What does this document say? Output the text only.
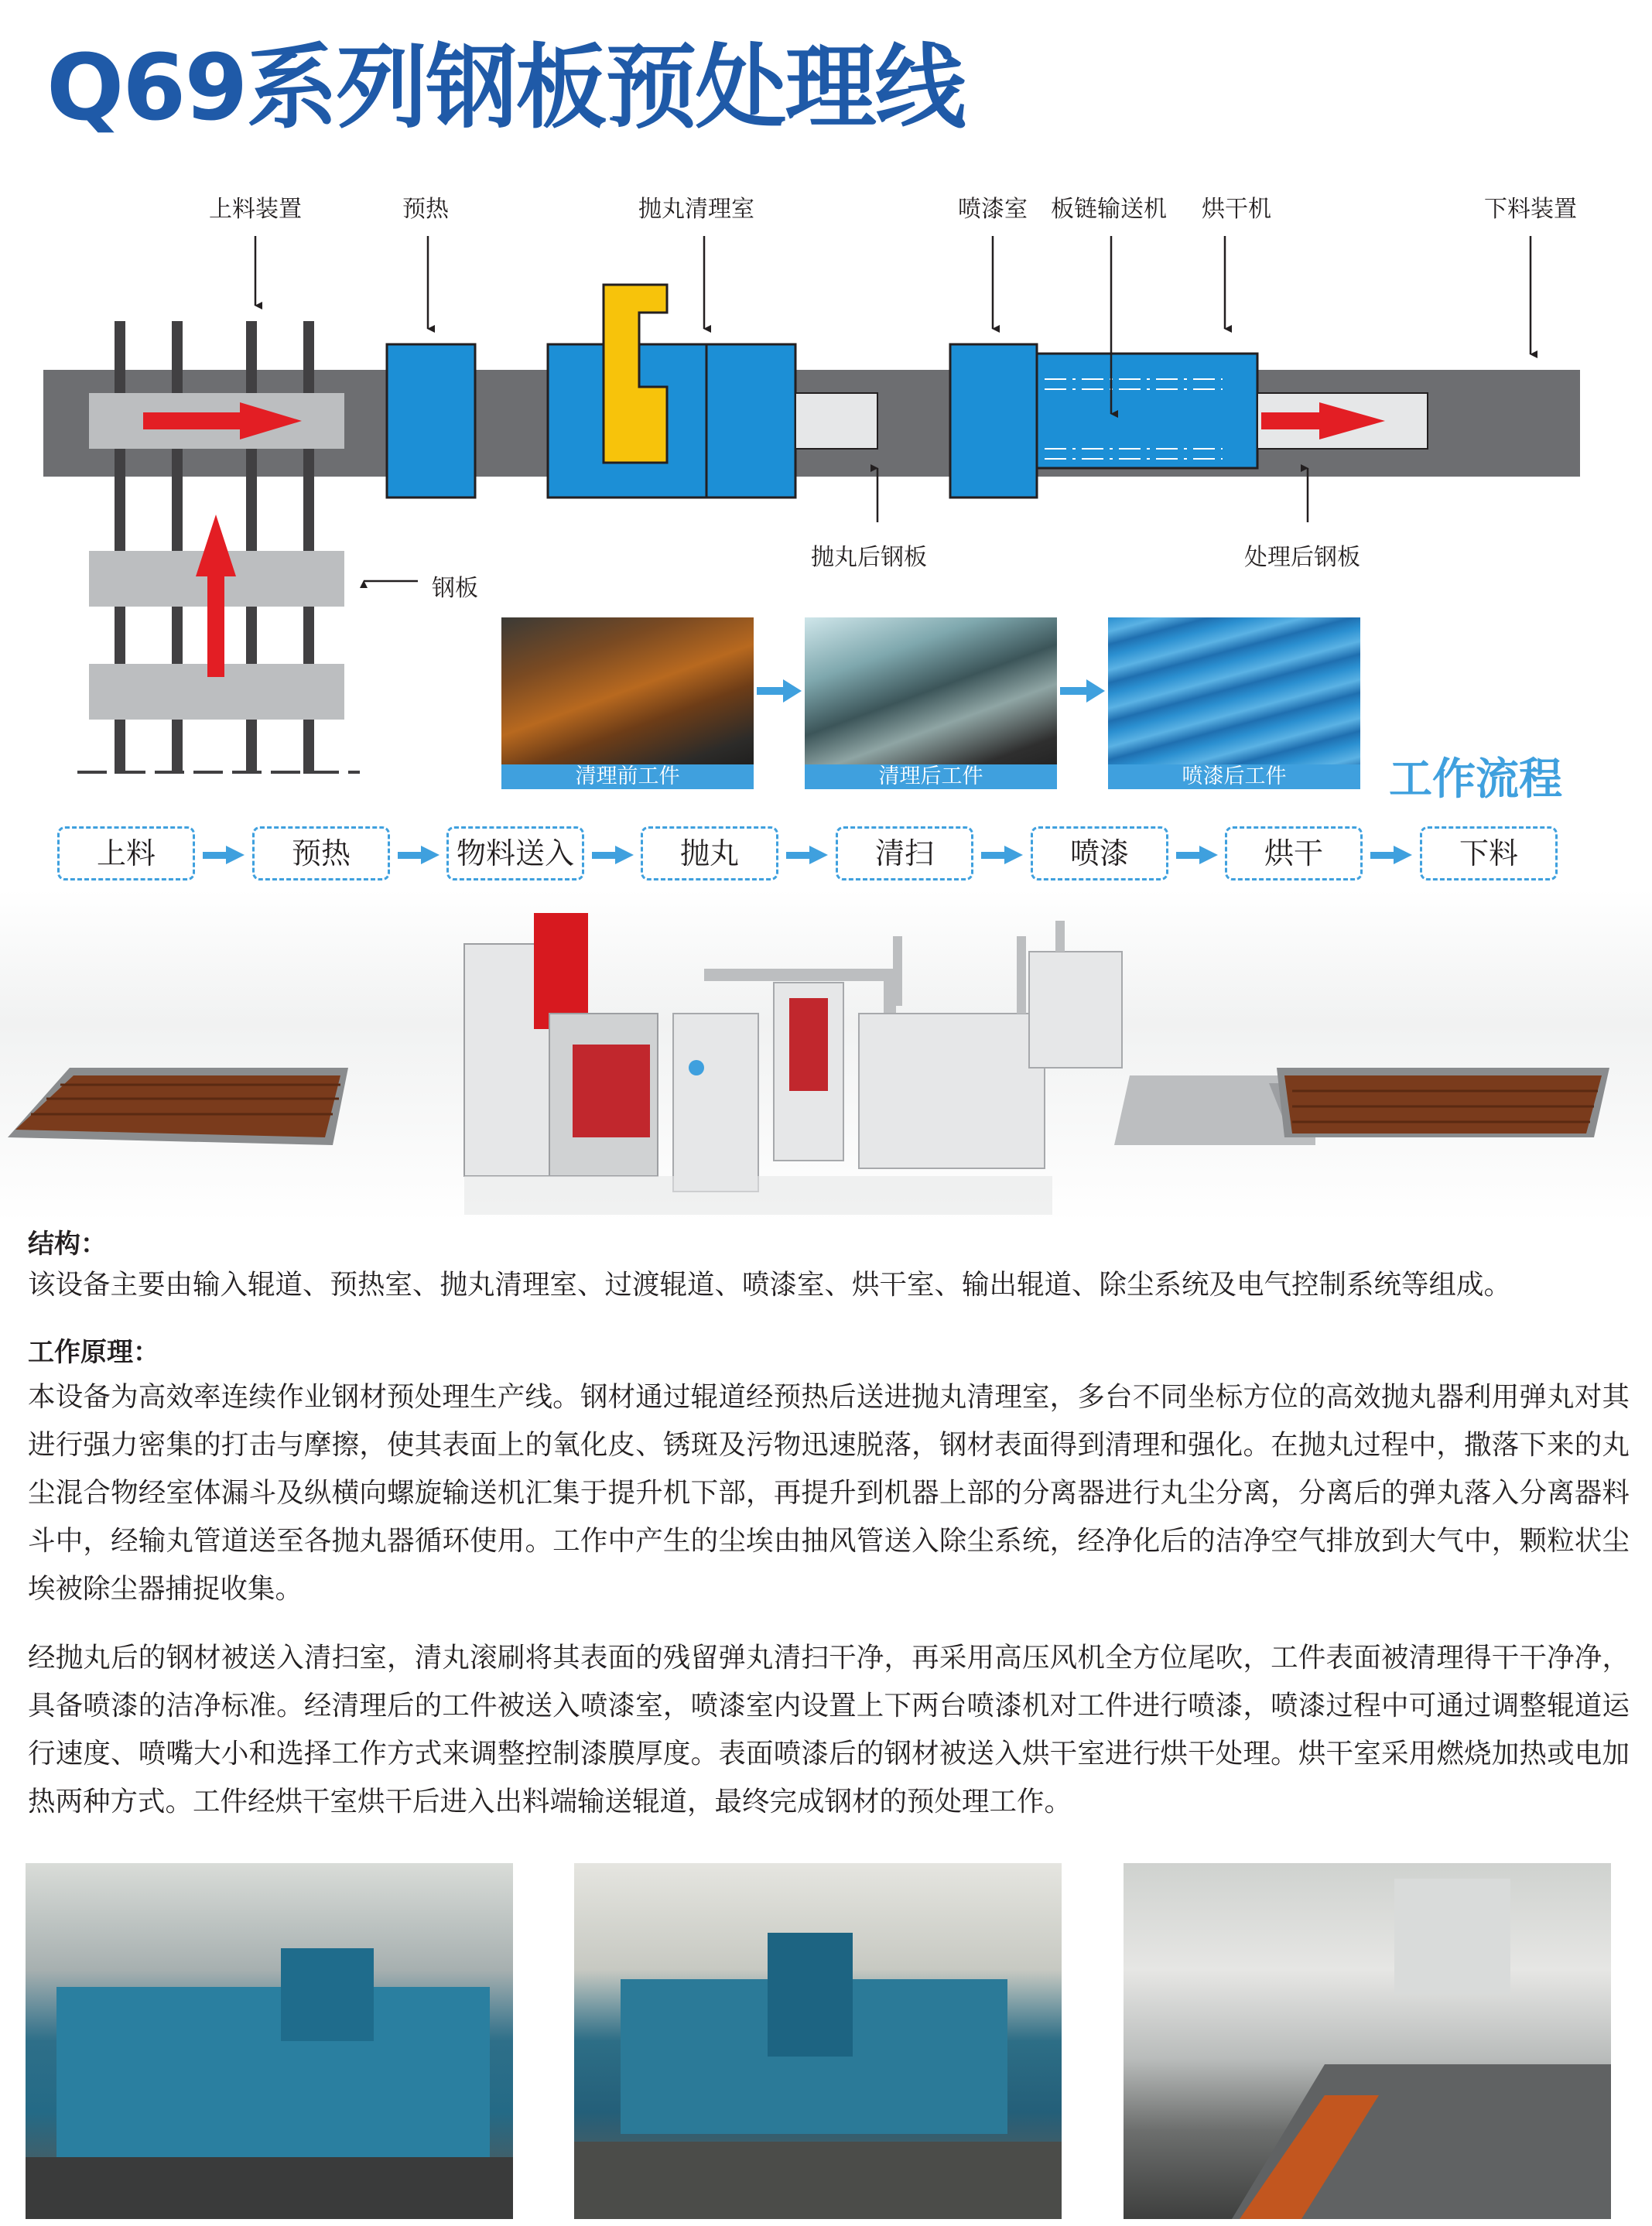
Q69系列钢板预处理线
上料装置	预热	抛丸清理室	喷漆室 板链输送机 烘干机	下料装置
抛丸后钢板	处理后钢板
钢板
清理前工件	清理后工件	喷漆后工件	工作流程
上料	预热	物料送入	抛丸	清扫	喷漆	烘干	下料
结构：
该设备主要由输入辊道、预热室、抛丸清理室、过渡辊道、喷漆室、烘干室、输出辊道、除尘系统及电气控制系统等组成。
工作原理：
本设备为高效率连续作业钢材预处理生产线。钢材通过辊道经预热后送进抛丸清理室，多台不同坐标方位的高效抛丸器利用弹丸对其进行强力密集的打击与摩擦，使其表面上的氧化皮、锈斑及污物迅速脱落，钢材表面得到清理和强化。在抛丸过程中，撒落下来的丸尘混合物经室体漏斗及纵横向螺旋输送机汇集于提升机下部，再提升到机器上部的分离器进行丸尘分离，分离后的弹丸落入分离器料斗中，经输丸管道送至各抛丸器循环使用。工作中产生的尘埃由抽风管送入除尘系统，经净化后的洁净空气排放到大气中，颗粒状尘埃被除尘器捕捉收集。
经抛丸后的钢材被送入清扫室，清丸滚刷将其表面的残留弹丸清扫干净，再采用高压风机全方位尾吹，工件表面被清理得干干净净，具备喷漆的洁净标准。经清理后的工件被送入喷漆室，喷漆室内设置上下两台喷漆机对工件进行喷漆，喷漆过程中可通过调整辊道运行速度、喷嘴大小和选择工作方式来调整控制漆膜厚度。表面喷漆后的钢材被送入烘干室进行烘干处理。烘干室采用燃烧加热或电加热两种方式。工件经烘干室烘干后进入出料端输送辊道，最终完成钢材的预处理工作。
